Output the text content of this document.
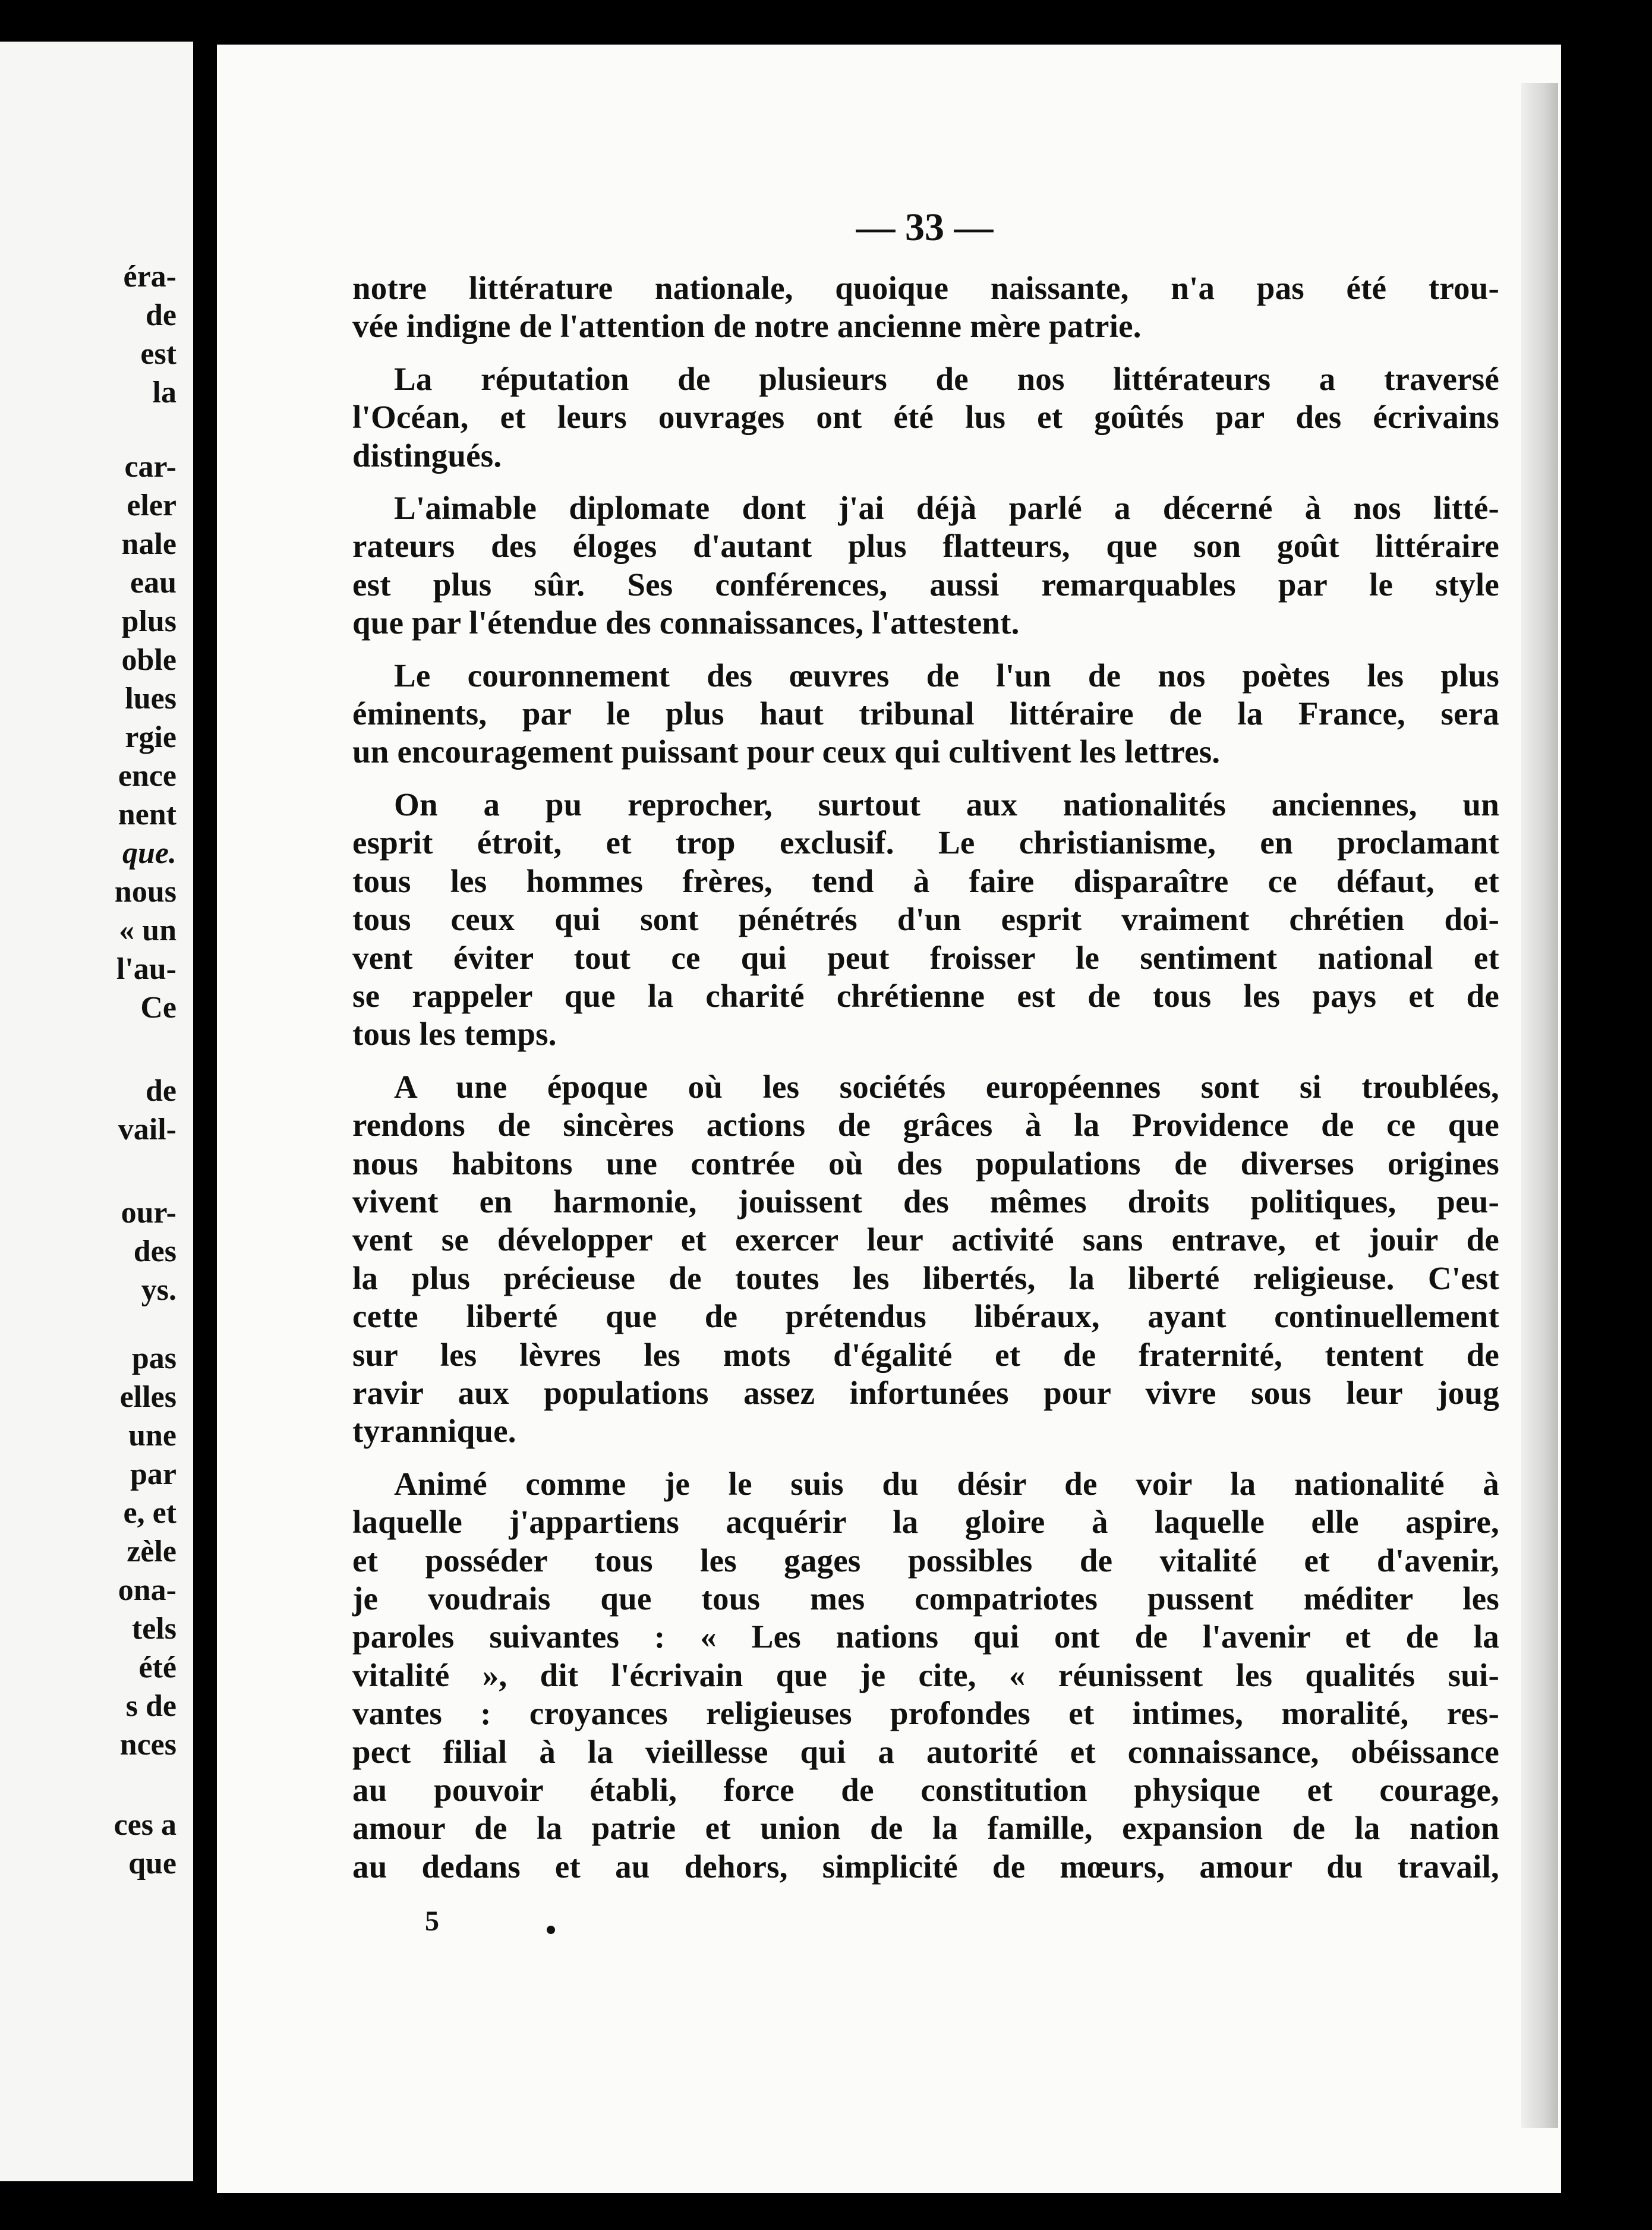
éra-
de
est
la
car-
eler
nale
eau
plus
oble
lues
rgie
ence
nent
que.
nous
« un
l'au-
Ce
de
vail-
our-
des
ys.
pas
elles
une
par
e, et
zèle
ona-
tels
été
s de
nces
ces a
que
— 33 —

notre littérature nationale, quoique naissante, n'a pas été trou-
vée indigne de l'attention de notre ancienne mère patrie.

La réputation de plusieurs de nos littérateurs a traversé
l'Océan, et leurs ouvrages ont été lus et goûtés par des écrivains
distingués.

L'aimable diplomate dont j'ai déjà parlé a décerné à nos litté-
rateurs des éloges d'autant plus flatteurs, que son goût littéraire
est plus sûr. Ses conférences, aussi remarquables par le style
que par l'étendue des connaissances, l'attestent.

Le couronnement des œuvres de l'un de nos poètes les plus
éminents, par le plus haut tribunal littéraire de la France, sera
un encouragement puissant pour ceux qui cultivent les lettres.

On a pu reprocher, surtout aux nationalités anciennes, un
esprit étroit, et trop exclusif. Le christianisme, en proclamant
tous les hommes frères, tend à faire disparaître ce défaut, et
tous ceux qui sont pénétrés d'un esprit vraiment chrétien doi-
vent éviter tout ce qui peut froisser le sentiment national et
se rappeler que la charité chrétienne est de tous les pays et de
tous les temps.

A une époque où les sociétés européennes sont si troublées,
rendons de sincères actions de grâces à la Providence de ce que
nous habitons une contrée où des populations de diverses origines
vivent en harmonie, jouissent des mêmes droits politiques, peu-
vent se développer et exercer leur activité sans entrave, et jouir de
la plus précieuse de toutes les libertés, la liberté religieuse. C'est
cette liberté que de prétendus libéraux, ayant continuellement
sur les lèvres les mots d'égalité et de fraternité, tentent de
ravir aux populations assez infortunées pour vivre sous leur joug
tyrannique.

Animé comme je le suis du désir de voir la nationalité à
laquelle j'appartiens acquérir la gloire à laquelle elle aspire,
et posséder tous les gages possibles de vitalité et d'avenir,
je voudrais que tous mes compatriotes pussent méditer les
paroles suivantes : « Les nations qui ont de l'avenir et de la
vitalité », dit l'écrivain que je cite, « réunissent les qualités sui-
vantes : croyances religieuses profondes et intimes, moralité, res-
pect filial à la vieillesse qui a autorité et connaissance, obéissance
au pouvoir établi, force de constitution physique et courage,
amour de la patrie et union de la famille, expansion de la nation
au dedans et au dehors, simplicité de mœurs, amour du travail,

5
